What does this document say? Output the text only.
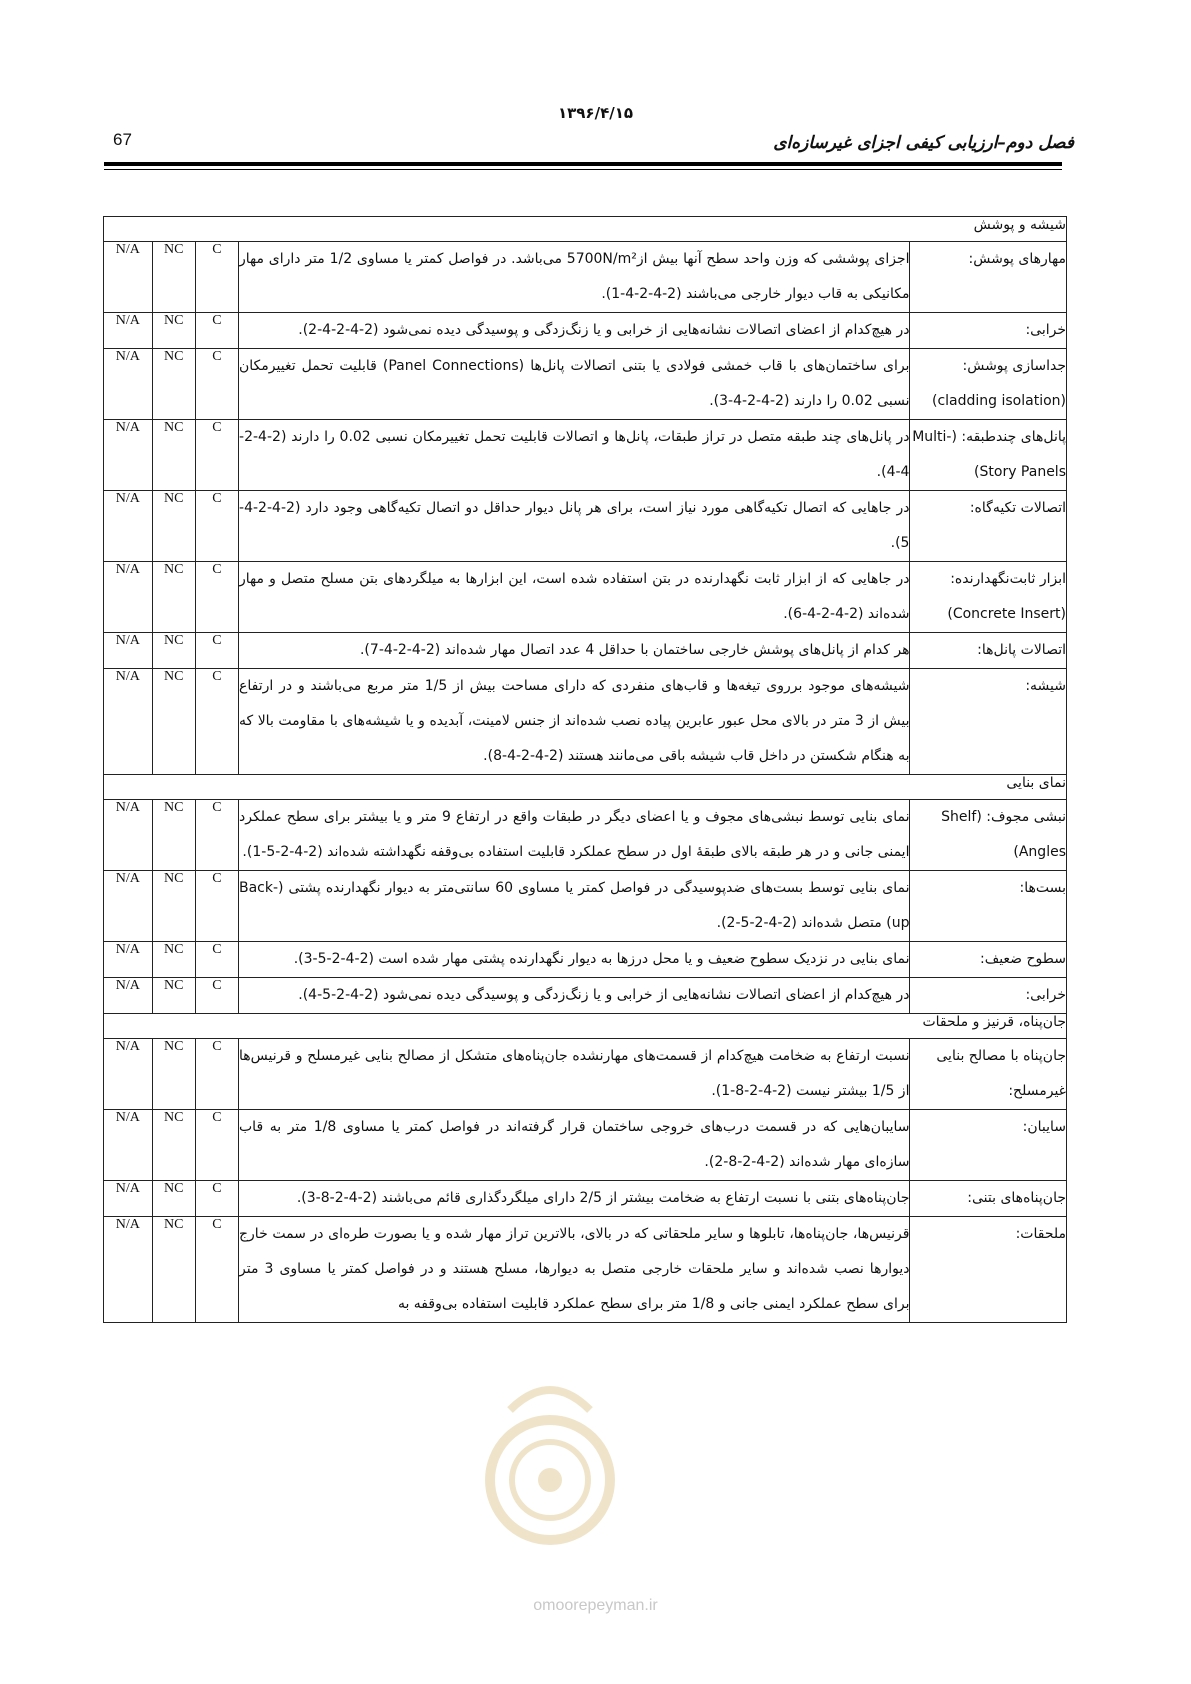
۱۳۹۶/۴/۱۵
67	فصل دوم–ارزیابی کیفی اجزای غیرسازه‌ای
شیشه و پوشش				
مهارهای پوشش:	اجزای پوششی که وزن واحد سطح آنها بیش از5700N/m² می‌باشد. در فواصل کمتر یا مساوی 1/2 متر دارای مهار مکانیکی به قاب دیوار خارجی می‌باشند (2-4-2-4-1).	C	NC	N/A
خرابی:	در هیچ‌کدام از اعضای اتصالات نشانه‌هایی از خرابی و یا زنگ‌زدگی و پوسیدگی دیده نمی‌شود (2-4-2-4-2).	C	NC	N/A
جداسازی پوشش: (cladding isolation)	برای ساختمان‌های با قاب خمشی فولادی یا بتنی اتصالات پانل‌ها (Panel Connections) قابلیت تحمل تغییرمکان نسبی 0.02 را دارند (2-4-2-4-3).	C	NC	N/A
پانل‌های چندطبقه: (Multi-Story Panels)	در پانل‌های چند طبقه متصل در تراز طبقات، پانل‌ها و اتصالات قابلیت تحمل تغییرمکان نسبی 0.02 را دارند (2-4-2-4-4).	C	NC	N/A
اتصالات تکیه‌گاه:	در جاهایی که اتصال تکیه‌گاهی مورد نیاز است، برای هر پانل دیوار حداقل دو اتصال تکیه‌گاهی وجود دارد (2-4-2-4-5).	C	NC	N/A
ابزار ثابت‌نگهدارنده: (Concrete Insert)	در جاهایی که از ابزار ثابت نگهدارنده در بتن استفاده شده است، این ابزارها به میلگردهای بتن مسلح متصل و مهار شده‌اند (2-4-2-4-6).	C	NC	N/A
اتصالات پانل‌ها:	هر کدام از پانل‌های پوشش خارجی ساختمان با حداقل 4 عدد اتصال مهار شده‌اند (2-4-2-4-7).	C	NC	N/A
شیشه:	شیشه‌های موجود برروی تیغه‌ها و قاب‌های منفردی که دارای مساحت بیش از 1/5 متر مربع می‌باشند و در ارتفاع بیش از 3 متر در بالای محل عبور عابرین پیاده نصب شده‌اند از جنس لامینت، آبدیده و یا شیشه‌های با مقاومت بالا که به هنگام شکستن در داخل قاب شیشه باقی می‌مانند هستند (2-4-2-4-8).	C	NC	N/A
نمای بنایی				
نبشی مجوف: (Shelf Angles)	نمای بنایی توسط نبشی‌های مجوف و یا اعضای دیگر در طبقات واقع در ارتفاع 9 متر و یا بیشتر برای سطح عملکرد ایمنی جانی و در هر طبقه بالای طبقهٔ اول در سطح عملکرد قابلیت استفاده بی‌وقفه نگهداشته شده‌اند (2-4-2-5-1).	C	NC	N/A
بست‌ها:	نمای بنایی توسط بست‌های ضدپوسیدگی در فواصل کمتر یا مساوی 60 سانتی‌متر به دیوار نگهدارنده پشتی (Back-up) متصل شده‌اند (2-4-2-5-2).	C	NC	N/A
سطوح ضعیف:	نمای بنایی در نزدیک سطوح ضعیف و یا محل درزها به دیوار نگهدارنده پشتی مهار شده است (2-4-2-5-3).	C	NC	N/A
خرابی:	در هیچ‌کدام از اعضای اتصالات نشانه‌هایی از خرابی و یا زنگ‌زدگی و پوسیدگی دیده نمی‌شود (2-4-2-5-4).	C	NC	N/A
جان‌پناه، قرنیز و ملحقات				
جان‌پناه با مصالح بنایی غیرمسلح:	نسبت ارتفاع به ضخامت هیچ‌کدام از قسمت‌های مهارنشده جان‌پناه‌های متشکل از مصالح بنایی غیرمسلح و قرنیس‌ها از 1/5 بیشتر نیست (2-4-2-8-1).	C	NC	N/A
سایبان:	سایبان‌هایی که در قسمت درب‌های خروجی ساختمان قرار گرفته‌اند در فواصل کمتر یا مساوی 1/8 متر به قاب سازه‌ای مهار شده‌اند (2-4-2-8-2).	C	NC	N/A
جان‌پناه‌های بتنی:	جان‌پناه‌های بتنی با نسبت ارتفاع به ضخامت بیشتر از 2/5 دارای میلگردگذاری قائم می‌باشند (2-4-2-8-3).	C	NC	N/A
ملحقات:	قرنیس‌ها، جان‌پناه‌ها، تابلوها و سایر ملحقاتی که در بالای، بالاترین تراز مهار شده و یا بصورت طره‌ای در سمت خارج دیوارها نصب شده‌اند و سایر ملحقات خارجی متصل به دیوارها، مسلح هستند و در فواصل کمتر یا مساوی 3 متر برای سطح عملکرد ایمنی جانی و 1/8 متر برای سطح عملکرد قابلیت استفاده بی‌وقفه به	C	NC	N/A
omoorepeyman.ir
